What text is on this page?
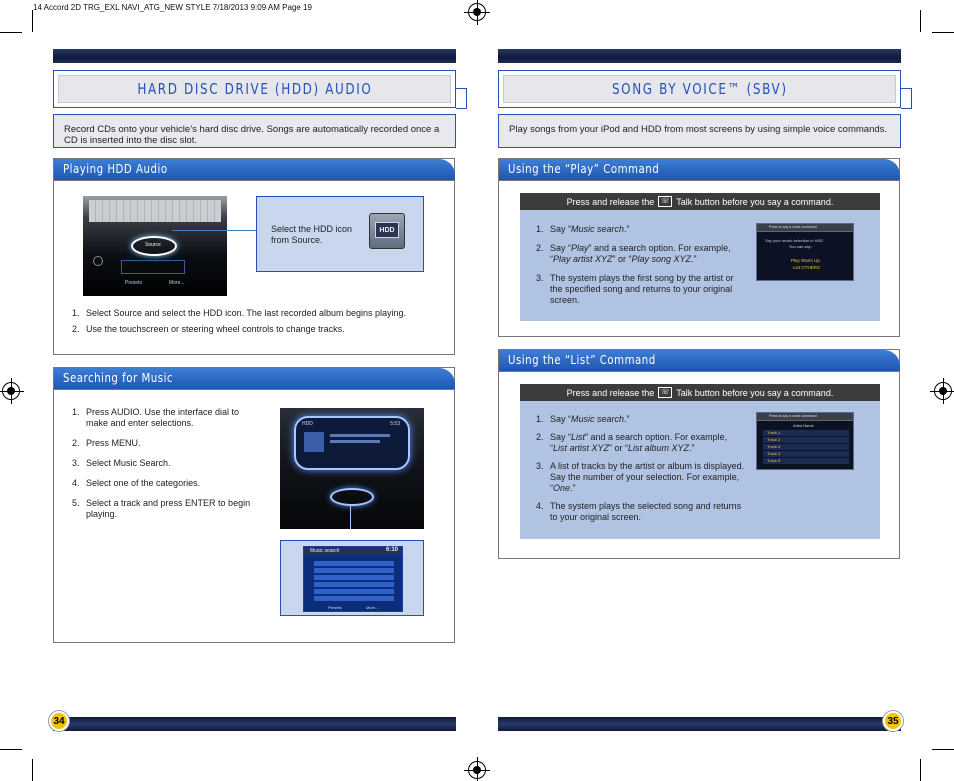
14 Accord 2D TRG_EXL NAVI_ATG_NEW STYLE 7/18/2013 9:09 AM Page 19
HARD DISC DRIVE (HDD) AUDIO
Record CDs onto your vehicle’s hard disc drive. Songs are automatically recorded once a CD is inserted into the disc slot.
Playing HDD Audio
Source
Presets	More...
Select the HDD icon from Source.
HDD
1. Select Source and select the HDD icon. The last recorded album begins playing.
2. Use the touchscreen or steering wheel controls to change tracks.
Searching for Music
1. Press AUDIO. Use the interface dial to make and enter selections.
2. Press MENU.
3. Select Music Search.
4. Select one of the categories.
5. Select a track and press ENTER to begin playing.
HDD	5:53
Music search	6:10
Presets	More...
34
SONG BY VOICE™ (SBV)
Play songs from your iPod and HDD from most screens by using simple voice commands.
Using the “Play” Command
Press and release the ☏ Talk button before you say a command.
1. Say “Music search.”
2. Say “Play” and a search option. For example, “Play artist XYZ” or “Play song XYZ.”
3. The system plays the first song by the artist or the specified song and returns to your original screen.
Press to say a voice command
Say your music selection in HDD
You can say:
Play Warm Up
List OTHERS
Using the “List” Command
Press and release the ☏ Talk button before you say a command.
1. Say “Music search.”
2. Say “List” and a search option. For example, “List artist XYZ” or “List album XYZ.”
3. A list of tracks by the artist or album is displayed. Say the number of your selection. For example, “One.”
4. The system plays the selected song and returns to your original screen.
Press to say a voice command
Artist Name
Track 1
Track 2
Track 3
Track 4
Track 5
35
